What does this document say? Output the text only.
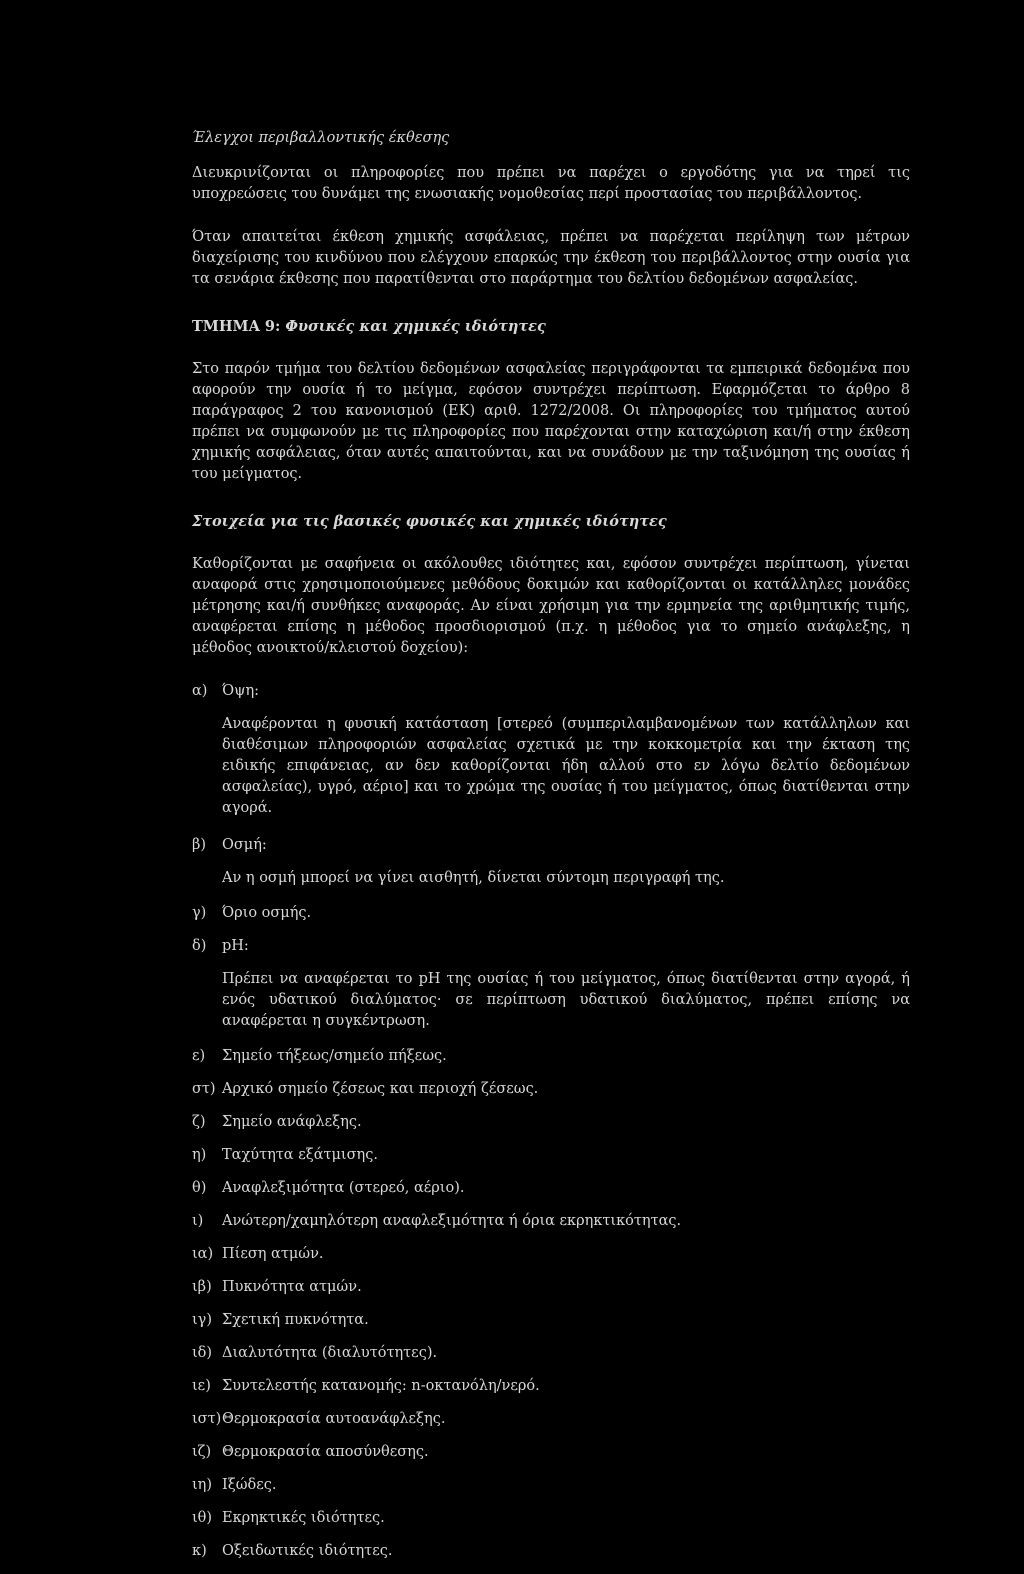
Έλεγχοι περιβαλλοντικής έκθεσης

Διευκρινίζονται οι πληροφορίες που πρέπει να παρέχει ο εργοδότης για να τηρεί τις υποχρεώσεις του δυνάμει της ενωσιακής νομοθεσίας περί προστασίας του περιβάλλοντος.

Όταν απαιτείται έκθεση χημικής ασφάλειας, πρέπει να παρέχεται περίληψη των μέτρων διαχείρισης του κινδύνου που ελέγχουν επαρκώς την έκθεση του περιβάλλοντος στην ουσία για τα σενάρια έκθεσης που παρατίθενται στο παράρτημα του δελτίου δεδομένων ασφαλείας.

ΤΜΗΜΑ 9: Φυσικές και χημικές ιδιότητες

Στο παρόν τμήμα του δελτίου δεδομένων ασφαλείας περιγράφονται τα εμπειρικά δεδομένα που αφορούν την ουσία ή το μείγμα, εφόσον συντρέχει περίπτωση. Εφαρμόζεται το άρθρο 8 παράγραφος 2 του κανονισμού (ΕΚ) αριθ. 1272/2008. Οι πληροφορίες του τμήματος αυτού πρέπει να συμφωνούν με τις πληροφορίες που παρέχονται στην καταχώριση και/ή στην έκθεση χημικής ασφάλειας, όταν αυτές απαιτούνται, και να συνάδουν με την ταξινόμηση της ουσίας ή του μείγματος.

Στοιχεία για τις βασικές φυσικές και χημικές ιδιότητες

Καθορίζονται με σαφήνεια οι ακόλουθες ιδιότητες και, εφόσον συντρέχει περίπτωση, γίνεται αναφορά στις χρησιμοποιούμενες μεθόδους δοκιμών και καθορίζονται οι κατάλληλες μονάδες μέτρησης και/ή συνθήκες αναφοράς. Αν είναι χρήσιμη για την ερμηνεία της αριθμητικής τιμής, αναφέρεται επίσης η μέθοδος προσδιορισμού (π.χ. η μέθοδος για το σημείο ανάφλεξης, η μέθοδος ανοικτού/κλειστού δοχείου):

α)	Όψη:

Αναφέρονται η φυσική κατάσταση [στερεό (συμπεριλαμβανομένων των κατάλληλων και διαθέσιμων πληροφοριών ασφαλείας σχετικά με την κοκκομετρία και την έκταση της ειδικής επιφάνειας, αν δεν καθορίζονται ήδη αλλού στο εν λόγω δελτίο δεδομένων ασφαλείας), υγρό, αέριο] και το χρώμα της ουσίας ή του μείγματος, όπως διατίθενται στην αγορά.

β)	Οσμή:

Αν η οσμή μπορεί να γίνει αισθητή, δίνεται σύντομη περιγραφή της.

γ)	Όριο οσμής.
δ)	pH:

Πρέπει να αναφέρεται το pH της ουσίας ή του μείγματος, όπως διατίθενται στην αγορά, ή ενός υδατικού διαλύματος· σε περίπτωση υδατικού διαλύματος, πρέπει επίσης να αναφέρεται η συγκέντρωση.

ε)	Σημείο τήξεως/σημείο πήξεως.
στ) Αρχικό σημείο ζέσεως και περιοχή ζέσεως.
ζ)	Σημείο ανάφλεξης.
η)	Ταχύτητα εξάτμισης.
θ)	Αναφλεξιμότητα (στερεό, αέριο).
ι)	Ανώτερη/χαμηλότερη αναφλεξιμότητα ή όρια εκρηκτικότητας.
ια) Πίεση ατμών.
ιβ) Πυκνότητα ατμών.
ιγ) Σχετική πυκνότητα.
ιδ) Διαλυτότητα (διαλυτότητες).
ιε) Συντελεστής κατανομής: n-οκτανόλη/νερό.
ιστ) Θερμοκρασία αυτοανάφλεξης.
ιζ) Θερμοκρασία αποσύνθεσης.
ιη) Ιξώδες.
ιθ) Εκρηκτικές ιδιότητες.
κ)	Οξειδωτικές ιδιότητες.
